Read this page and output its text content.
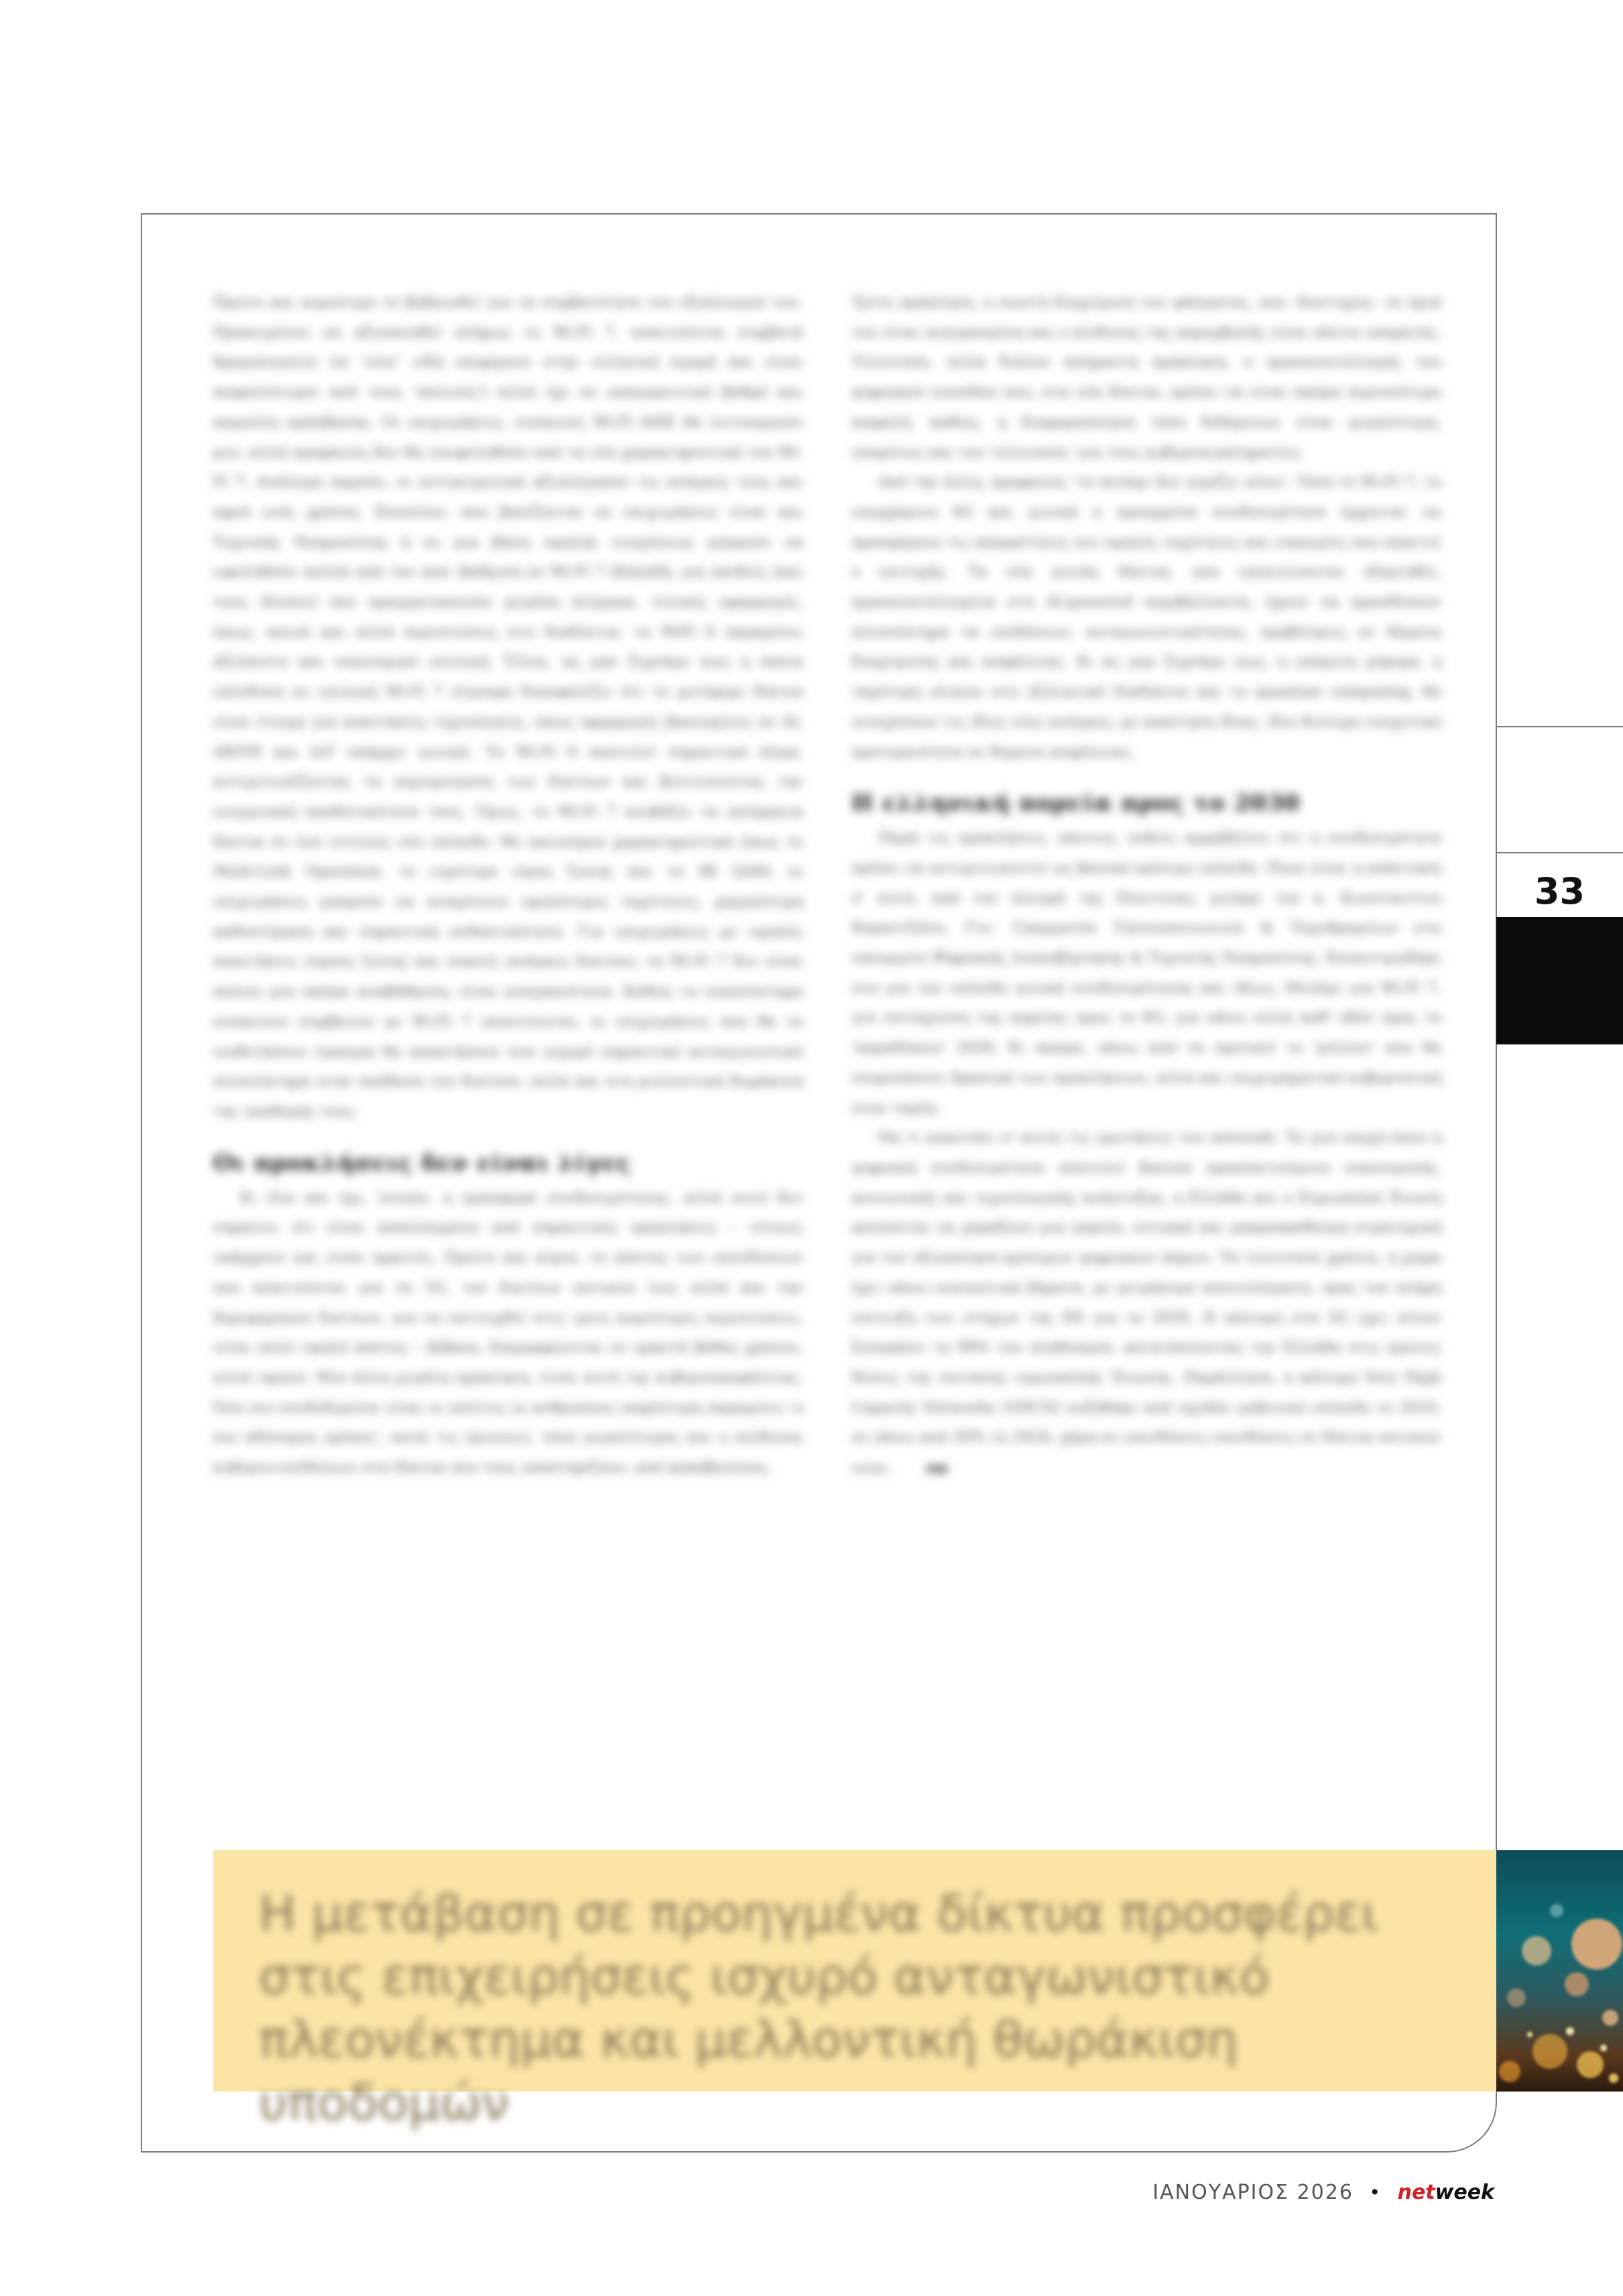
Πρώτο και κυριότερο το βεβαιωθεί για τα συμβατότητα του εξοπλισμού του. Προκειμένου να αξιοποιηθεί πλήρως το Wi-Fi 7, απαιτούνται συμβατά δρομολογητές (οι 'νέοι' είδη επιφέρουν στην ελληνική αγορά και είναι ασφαλέστεροι από τους 'παλιούς') αλλά όχι σε απαγορευτικό βαθμό και καμπύλη πρόσβασης. Οι επιχειρήσεις, συσκευές Wi-Fi 6/6E θα λειτουργούν μεν, αλλά προφανώς δεν θα επωφεληθούν από τα νέα χαρακτηριστικά του Wi-Fi 7. Ανάλογα παρούν, οι αντικειμενικά αξιολόγησαν τις ανάγκες τους και αφού ενός χρόνος. Επιπλέον, που βασίζονται σε επιχειρήσεις είναι και Τεχνικής Νοημοσύνης ή σε μια βάση υψηλής ενσχύσεως μπορούν να ωφεληθούν πολλά από τον απο- βαθμιση σε Wi-Fi 7 (δηλαδή, για παιδείς (και τους ιδιοίου) που πραγματοποιούν μεγάλα κλίμακα, τελικές εφαρμογές, όπως, καινά και αλλά περιπτώσεις στο διαδίκτυο, το WiFi 6 παραμένει αξιόπιστο και οικονομικό επιλογή. Τέλος, ας μην ξεχνάμε πως η όποια επένδυση σε επιλογή Wi-Fi 7 σίγουρα διασφαλίζει ότι το μετέφερε δίκτυο είναι έτοιμο για απαιτήσεις τεχνολογίες, όπως εφαρμογές βασισμένες σε AI, AR/VR και IoT υπάρχει γενικά. Το Wi-Fi 6 αποτελεί σημαντικό άλμα, αντιμετωπίζοντας τα περιορισμούς των δικτύων και βελτιώνοντας την ενεργειακή αποδοτικότητα τους. Όμως, το Wi-Fi 7 ανεβάζει τα ασύρματα δίκτυα σε ένα εντελώς νέο επίπεδο. Με καινούρια χαρακτηριστικά όπως το Multi-Link Operation, το ευρύτερο εύρος ζώνης και το 4K QAM, οι επιχειρήσεις μπορούν να αναμένουν υψηλότερες ταχύτητες, χαμηλότερη καθυστέρηση και σημαντική ανθεκτικότητα. Για επιχειρήσεις με υψηλές απαιτήσεις εύρους ζώνης και πυκνές ανάγκες δικτύου, το Wi-Fi 7 δεν είναι απλώς μια ακόμα αναβάθμιση, είναι αναγκαιότητα. Καθώς το οικοσύστημα συσκευών συμβατών με Wi-Fi 7 επεκτείνεται, οι επιχειρήσεις που θα το υιοθετήσουν έγκαιρα θα αποκτήσουν ένα ισχυρό σημαντικό ανταγωνιστικό πλεονέκτημα στην απόδοση του δικτύου, αλλά και στη μελλοντική θωράκιση της υποδομής τους.

Οι προκλήσεις δεν είναι λίγες

Κι όλα και όχι, λοιπόν, η προσφορά συνδεσιμότητας, αλλά αυτό δεν σημαίνει ότι είναι απαλλαγμένο από σημαντικές προκλήσεις – τέτοιες υπάρχουν και είναι αρκετές. Πρώτο και κύριο, το κόστος των επενδύσεων που απαιτούνται για τα 5G, τον δικτύων οπτικών ίνες αλλά και την δορυφορικών δικτύων, για να επιτευχθεί στις τρεις κυριότερες περιπτώσεις, είναι πολύ υψηλό κόστος – βέβαια, διαμορφώνεται σε αρκετά βάθος χρόνου, αλλά υψηλό. Μια άλλη μεγάλη πρόκληση, είναι αυτή της κυβερνοασφάλειας. Όσο πιο συνδεδεμένοι είναι οι πολίτες (ο ανθρώπους σαφέστερη παραμένει 'ο πιο αδύναμος κρίκος', κατά τις έρευνες), τόσο μεγαλύτερος και ο κίνδυνος κυβερνο-επιθέσεων στα δίκτυα που τους υποστηρίζουν, από κακόβουλους.

Τρίτη πρόκληση, η σωστή διαχείριση του φάσματος, που -δυστυχώς- τα όριά του είναι πεπερασμένα και ο κίνδυνος της παρεμβολής είναι πάντα υπαρκτός. Τελευταία, αλλά διόλου ασήμαντη πρόκληση, ο προσανατολισμός του ψηφιακού επιπέδου που, στα νέα δίκτυα, πρέπει να είναι ακόμα περισσότερο ασφαλή, καθώς, η διαφοροποίηση τόσο διδόμενων είναι μεγαλύτερη, επομένως και του 'ελλειπούς' για τους κυβερνοεγκληματίες.

Από την άλλη, προφανώς 'το ποτάμι δεν γυρίζει πίσω'. Τόσο το Wi-Fi 7, το επερχόμενο 6G και γενικά ο προηγμένα συνδεσιμότητα έρχονται να προσφέρουν τις απαραίτητες πιο υψηλές ταχύτητες και ευκαιρίες που απαιτεί ο επιτυχής. Τα νέα γενιάς δίκτυα, που επεκτείνονται εξαρτηθεί, προσανατολισμένα στο AI-powered περιβάλλοντα, έχουν να προσθέσουν πλεονέκτημα τα επιδόσεων, ανταγωνιστικότητας, προβλέψεις σε θέματα διαχείρισης και ασφάλειας. Κι ας μην ξεχνάμε πως, η επόμενη γέφυρα, η ταχύτερη υλικών στο εξέλικτικό διαδίκτυο και το quantum computing, θα ενισχύσουν τις ίδιες νέες ανάγκες, με απαίτηση ίδιας, ίδιο δεύτερο ενσχυτικό προτεραιότητα σε θέματα ασφάλειας.

Η ελληνική πορεία προς το 2030

Παρά τις προκλήσεις, πάντως, ουδείς αμφιβάλλει ότι η συνδεσιμότητα πρέπει να αντιμετωπιστεί ως βασικό κρίσιμο επίπεδο. Ποια είναι η απάντηση σ' αυτό, από τον πλευρά της Πολιτείας; μιλάμε τον κ. Κωνσταντίνο Καραντζάλο, Γεν. Γραμματέα Τηλεπικοινωνιών & Ταχυδρομείων στο υπουργείο Ψηφιακής Διακυβέρνησης & Τεχνητής Νοημοσύνης. Επικεντρώθηκε στο για τον επίπεδο γενικά συνδεσιμότητας και ιδίως, Μιλάμε για Wi-Fi 7, για επιτάχυνση της πορείας προς το 6G, για πάνω αλλά καθ' οδόν προς το 'παραδίκαιο' 2030. Κι ακόμα, πάνω από τα προτασί το 'μέλλον' που θα επιφυλάσσει δρασικά των προκλήσεων, αλλά και επιχειρηματικό κυβερνητική στον τομέα.

Να τι απαντάει σ' αυτές τις ερωτήσεις του netweek: 'Σε μια εποχή όπου η ψηφιακή συνδεσιμότητα αποτελεί βασικό προαπαιτούμενο οικονομικής, κοινωνικής και τεχνολογικής ανάπτυξης, η Ελλάδα και ο Ευρωπαϊκή Ένωση καλούνται να χαράξουν μια πορεία, εστιακά και μακροπρόθεσμη στρατηγική για τον αξιοποίηση κρίσιμων ψηφιακών πόρων. Τα τελευταία χρόνια, η χώρα έχει πάνω ουσιαστικά βήματα, με μετρήσιμα αποτελέσματα, προς τον πλήρη επίτευξη των στόχων της ΕΕ για το 2030. Η κάλυψη στα 5G έχει πλέον ξεπεράσει το 99% του πληθυσμού, κατατάσσοντας την Ελλάδα στις πρώτες θέσεις της επιτάσης ευρωπαϊκής Ένωσης. Παράλληλα, η κάλυψη Very High Capacity Networks (VHCN) αυξήθηκε από σχεδόν μηδενικό επίπεδο το 2019, σε πάνω από 50% το 2024, χάρη σε επενδύσεις επενδύσεις σε δίκτυα οπτικών ινών.	nw

33

Η μετάβαση σε προηγμένα δίκτυα προσφέρει στις επιχειρήσεις ισχυρό ανταγωνιστικό πλεονέκτημα και μελλοντική θωράκιση υποδομών

ΙΑΝΟΥΑΡΙΟΣ 2026 • netweek
